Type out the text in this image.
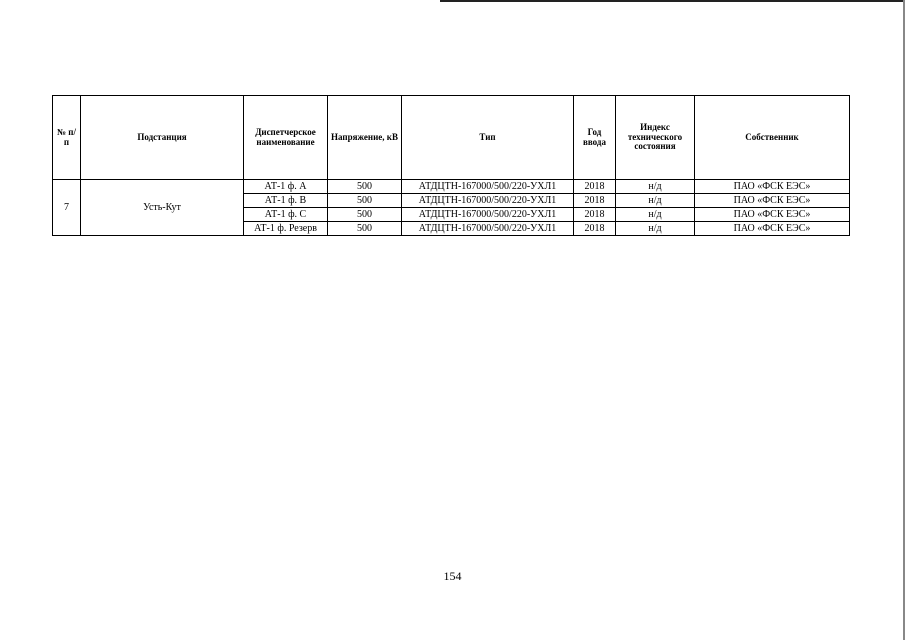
№ п/п	Подстанция	Диспетчерское наименование	Напряжение, кВ	Тип	Год ввода	Индекс технического состояния	Собственник
7	Усть-Кут	АТ-1 ф. А	500	АТДЦТН-167000/500/220-УХЛ1	2018	н/д	ПАО «ФСК ЕЭС»
		АТ-1 ф. В	500	АТДЦТН-167000/500/220-УХЛ1	2018	н/д	ПАО «ФСК ЕЭС»
		АТ-1 ф. С	500	АТДЦТН-167000/500/220-УХЛ1	2018	н/д	ПАО «ФСК ЕЭС»
		АТ-1 ф. Резерв	500	АТДЦТН-167000/500/220-УХЛ1	2018	н/д	ПАО «ФСК ЕЭС»
154
